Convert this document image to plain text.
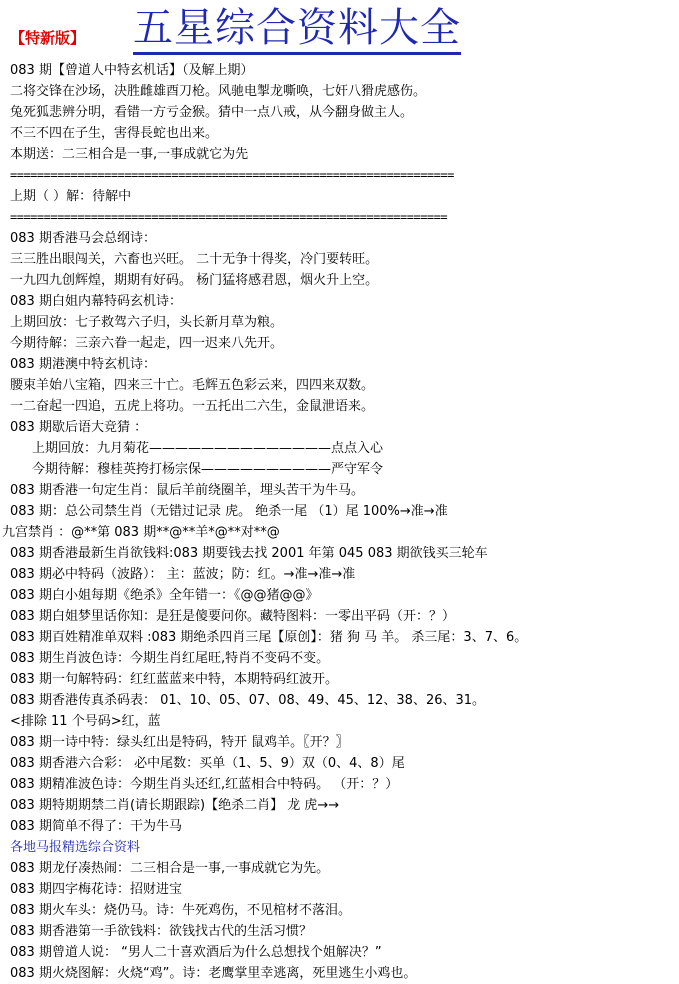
【特新版】 五星综合资料大全
083 期【曾道人中特玄机话】（及解上期）
二将交锋在沙场，决胜雌雄酉刀枪。风驰电掣龙嘶唤，七奸八猾虎感伤。
兔死狐悲辨分明，看错一方亏金猴。猜中一点八戒，从今翻身做主人。
不三不四在子生，害得長蛇也出来。
本期送：二三相合是一事,一事成就它为先
==================================================================
上期（ ）解：待解中
=================================================================
083 期香港马会总纲诗：
三三胜出眼闯关，六畜也兴旺。 二十无争十得奖，冷门要转旺。
一九四九创辉煌，期期有好码。 杨门猛将感君恩，烟火升上空。
083 期白姐内幕特码玄机诗：
上期回放：七子救驾六子归，头长新月草为粮。
今期待解：三亲六眷一起走，四一迟来八先开。
083 期港澳中特玄机诗：
腰束羊始八宝箱，四来三十亡。毛辉五色彩云来，四四来双数。
一二奋起一四追，五虎上将功。一五托出二六生，金鼠泄语来。
083 期歇后语大竞猜 ：
上期回放：九月菊花——————————————点点入心
今期待解：穆桂英挎打杨宗保——————————严守军令
083 期香港一句定生肖：鼠后羊前绕圈羊，埋头苦干为牛马。
083 期：总公司禁生肖（无错过记录 虎。 绝杀一尾 （1）尾 100%→准→准
九宫禁肖 ：@**第 083 期**@**羊*@**对**@
083 期香港最新生肖欲钱料:083 期要钱去找 2001 年第 045 083 期欲钱买三轮车
083 期必中特码（波路）： 主：蓝波；防：红。→准→准→准
083 期白小姐每期《绝杀》全年错一：《@@猪@@》
083 期白姐梦里话你知：是狂是傻要问你。藏特图料：一零出平码（开：？）
083 期百姓精准单双料 :083 期绝杀四肖三尾【原创】：猪 狗 马 羊。 杀三尾：3、7、6。
083 期生肖波色诗：今期生肖红尾旺,特肖不变码不变。
083 期一句解特码：红红蓝蓝来中特，本期特码红波开。
083 期香港传真杀码表： 01、10、05、07、08、49、45、12、38、26、31。
<排除 11 个号码>红，蓝
083 期一诗中特：绿头红出是特码，特开 鼠鸡羊。〖开？〗
083 期香港六合彩： 必中尾数：买单（1、5、9）双（0、4、8）尾
083 期精准波色诗：今期生肖头还红,红蓝相合中特码。 （开：？）
083 期特期期禁二肖(请长期跟踪)【绝杀二肖】 龙 虎→→
083 期简单不得了：干为牛马
各地马报精选综合资料
083 期龙仔凑热闹：二三相合是一事,一事成就它为先。
083 期四字梅花诗：招财进宝
083 期火车头：烧仍马。诗：牛死鸡伤，不见棺材不落泪。
083 期香港第一手欲钱料：欲钱找古代的生活习惯？
083 期曾道人说： “男人二十喜欢酒后为什么总想找个姐解决？”
083 期火烧图解：火烧“鸡”。诗：老鹰掌里幸逃离，死里逃生小鸡也。
